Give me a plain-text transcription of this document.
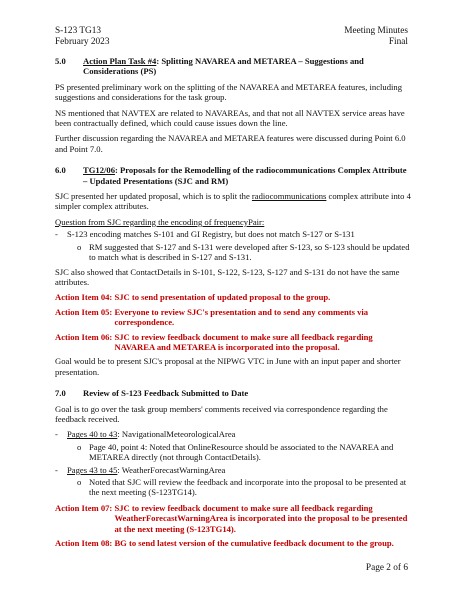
S-123 TG13
February 2023
Meeting Minutes
Final
5.0	Action Plan Task #4: Splitting NAVAREA and METAREA – Suggestions and Considerations (PS)

PS presented preliminary work on the splitting of the NAVAREA and METAREA features, including suggestions and considerations for the task group.

NS mentioned that NAVTEX are related to NAVAREAs, and that not all NAVTEX service areas have been contractually defined, which could cause issues down the line.

Further discussion regarding the NAVAREA and METAREA features were discussed during Point 6.0 and Point 7.0.

6.0	TG12/06: Proposals for the Remodelling of the radiocommunications Complex Attribute – Updated Presentations (SJC and RM)

SJC presented her updated proposal, which is to split the radiocommunications complex attribute into 4 simpler complex attributes.

Question from SJC regarding the encoding of frequencyPair:

-	S-123 encoding matches S-101 and GI Registry, but does not match S-127 or S-131
o RM suggested that S-127 and S-131 were developed after S-123, so S-123 should be updated to match what is described in S-127 and S-131.

SJC also showed that ContactDetails in S-101, S-122, S-123, S-127 and S-131 do not have the same attributes.

Action Item 04: SJC to send presentation of updated proposal to the group.
Action Item 05: Everyone to review SJC's presentation and to send any comments via correspondence.
Action Item 06: SJC to review feedback document to make sure all feedback regarding NAVAREA and METAREA is incorporated into the proposal.

Goal would be to present SJC's proposal at the NIPWG VTC in June with an input paper and shorter presentation.

7.0	Review of S-123 Feedback Submitted to Date

Goal is to go over the task group members' comments received via correspondence regarding the feedback received.

-	Pages 40 to 43: NavigationalMeteorologicalArea
o Page 40, point 4: Noted that OnlineResource should be associated to the NAVAREA and METAREA directly (not through ContactDetails).
-	Pages 43 to 45: WeatherForecastWarningArea
o Noted that SJC will review the feedback and incorporate into the proposal to be presented at the next meeting (S-123TG14).
Action Item 07: SJC to review feedback document to make sure all feedback regarding WeatherForecastWarningArea is incorporated into the proposal to be presented at the next meeting (S-123TG14).
Action Item 08: BG to send latest version of the cumulative feedback document to the group.
Page 2 of 6
